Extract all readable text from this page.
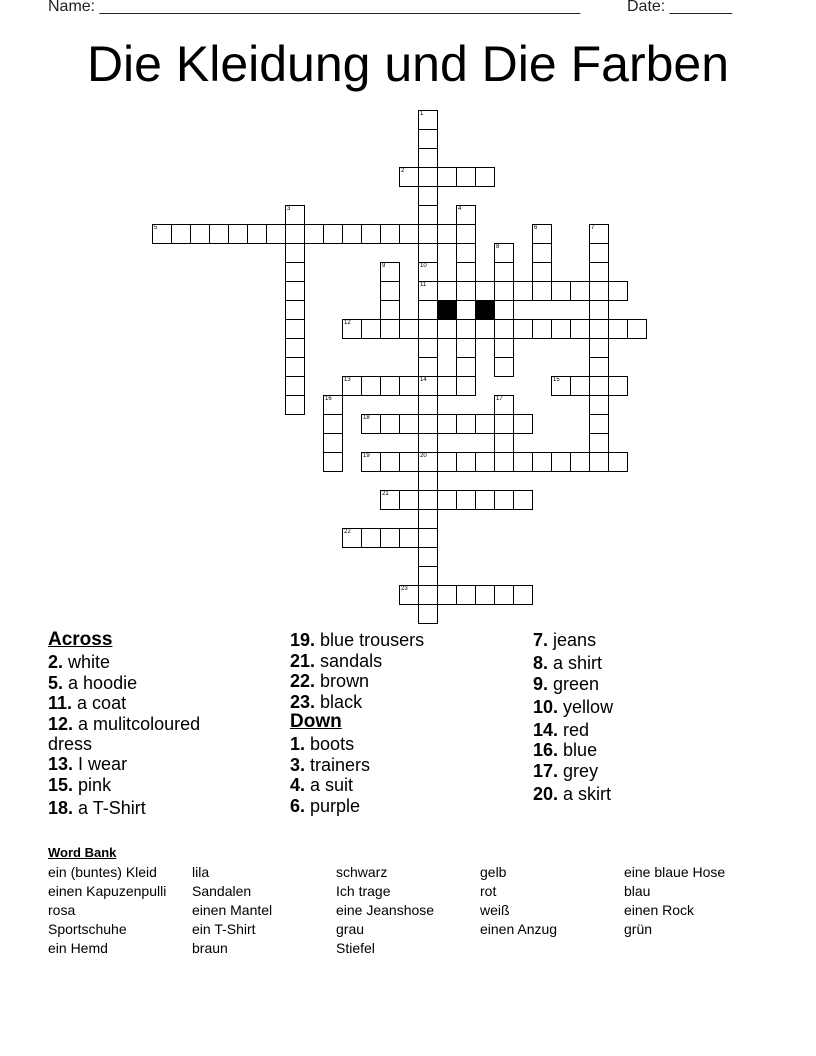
Name: ______________________________________________________	Date: _______
Die Kleidung und Die Farben
2
5
11
12
13	14	15
18
19	20
21
22
23
1
10
3	4
6	7
8
9
16	17
Across
2. white
5. a hoodie
11. a coat
12. a mulitcoloured dress
13. I wear
15. pink
18. a T-Shirt
19. blue trousers
21. sandals
22. brown
23. black
Down
1. boots
3. trainers
4. a suit
6. purple
7. jeans
8. a shirt
9. green
10. yellow
14. red
16. blue
17. grey
20. a skirt
Word Bank
ein (buntes) Kleid
einen Kapuzenpulli
rosa
Sportschuhe
ein Hemd
lila
Sandalen
einen Mantel
ein T-Shirt
braun
schwarz
Ich trage
eine Jeanshose
grau
Stiefel
gelb
rot
weiß
einen Anzug
eine blaue Hose
blau
einen Rock
grün
